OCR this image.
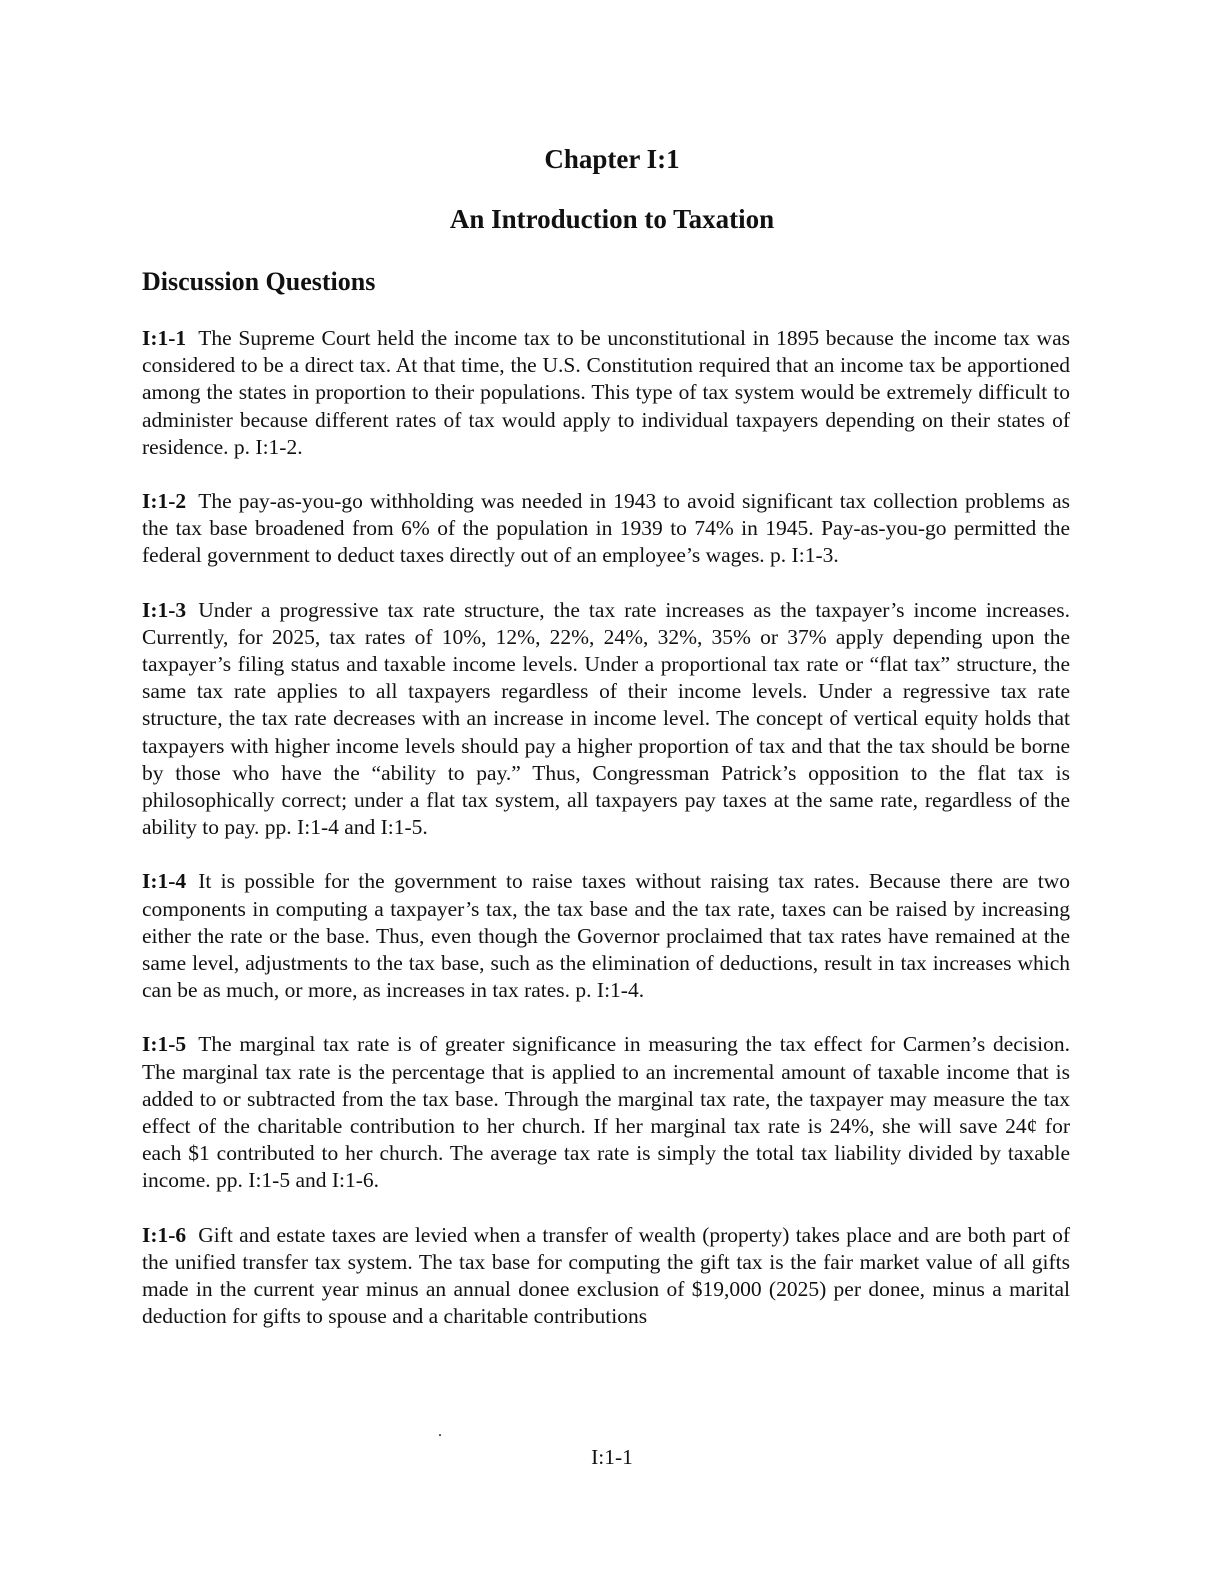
Chapter I:1
An Introduction to Taxation
Discussion Questions

I:1-1 The Supreme Court held the income tax to be unconstitutional in 1895 because the income tax was considered to be a direct tax. At that time, the U.S. Constitution required that an income tax be apportioned among the states in proportion to their populations. This type of tax system would be extremely difficult to administer because different rates of tax would apply to individual taxpayers depending on their states of residence. p. I:1-2.

I:1-2 The pay-as-you-go withholding was needed in 1943 to avoid significant tax collection problems as the tax base broadened from 6% of the population in 1939 to 74% in 1945. Pay-as-you-go permitted the federal government to deduct taxes directly out of an employee’s wages. p. I:1-3.

I:1-3 Under a progressive tax rate structure, the tax rate increases as the taxpayer’s income increases. Currently, for 2025, tax rates of 10%, 12%, 22%, 24%, 32%, 35% or 37% apply depending upon the taxpayer’s filing status and taxable income levels. Under a proportional tax rate or “flat tax” structure, the same tax rate applies to all taxpayers regardless of their income levels. Under a regressive tax rate structure, the tax rate decreases with an increase in income level. The concept of vertical equity holds that taxpayers with higher income levels should pay a higher proportion of tax and that the tax should be borne by those who have the “ability to pay.” Thus, Congressman Patrick’s opposition to the flat tax is philosophically correct; under a flat tax system, all taxpayers pay taxes at the same rate, regardless of the ability to pay. pp. I:1-4 and I:1-5.

I:1-4 It is possible for the government to raise taxes without raising tax rates. Because there are two components in computing a taxpayer’s tax, the tax base and the tax rate, taxes can be raised by increasing either the rate or the base. Thus, even though the Governor proclaimed that tax rates have remained at the same level, adjustments to the tax base, such as the elimination of deductions, result in tax increases which can be as much, or more, as increases in tax rates. p. I:1-4.

I:1-5 The marginal tax rate is of greater significance in measuring the tax effect for Carmen’s decision. The marginal tax rate is the percentage that is applied to an incremental amount of taxable income that is added to or subtracted from the tax base. Through the marginal tax rate, the taxpayer may measure the tax effect of the charitable contribution to her church. If her marginal tax rate is 24%, she will save 24¢ for each $1 contributed to her church. The average tax rate is simply the total tax liability divided by taxable income. pp. I:1-5 and I:1-6.

I:1-6 Gift and estate taxes are levied when a transfer of wealth (property) takes place and are both part of the unified transfer tax system. The tax base for computing the gift tax is the fair market value of all gifts made in the current year minus an annual donee exclusion of $19,000 (2025) per donee, minus a marital deduction for gifts to spouse and a charitable contributions

.
I:1-1
